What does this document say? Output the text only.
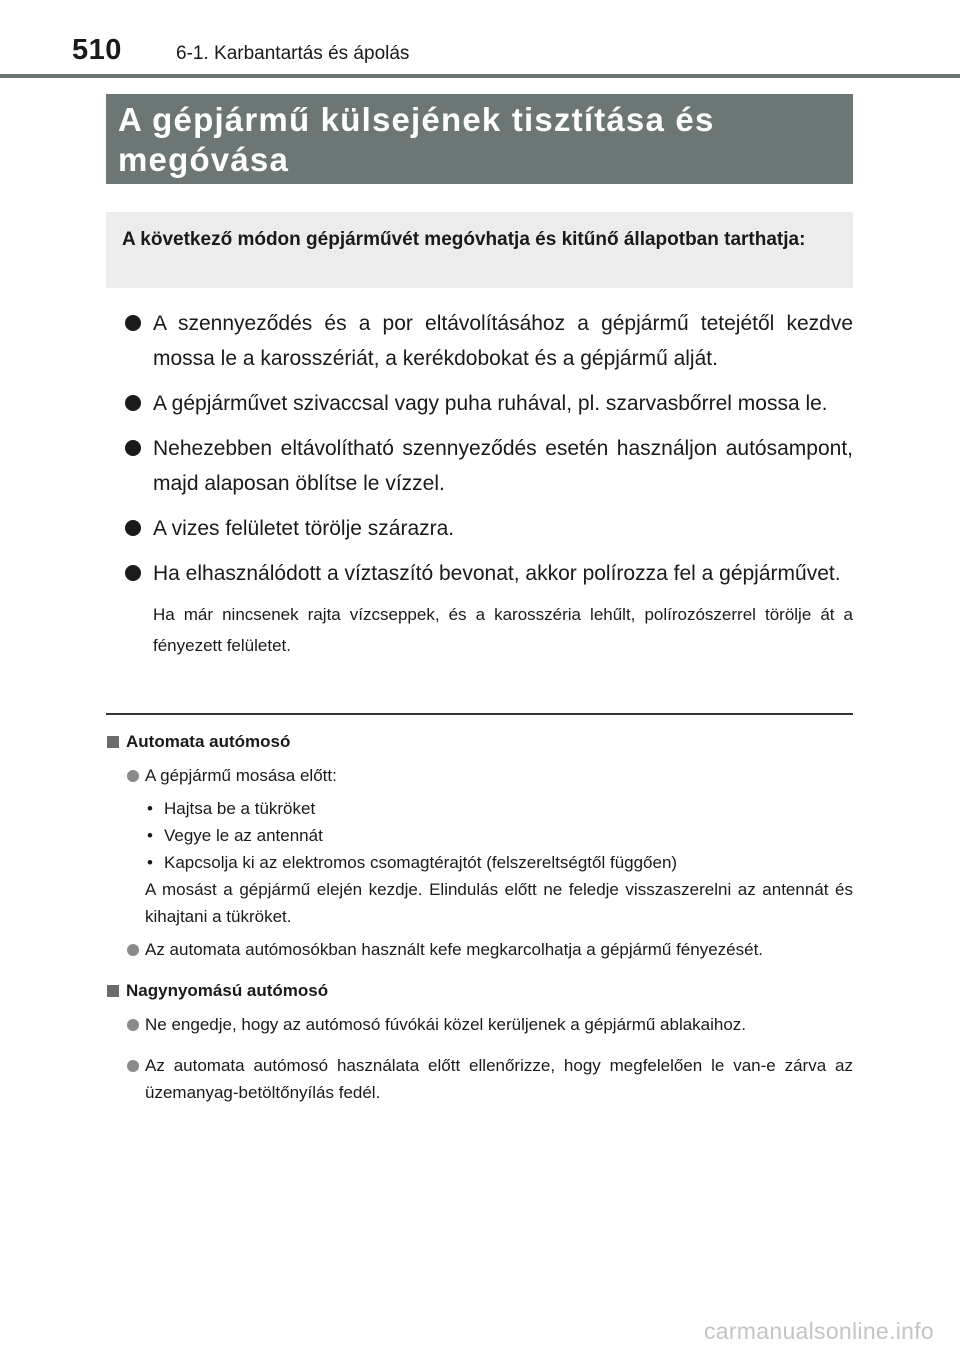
510	6-1. Karbantartás és ápolás
A gépjármű külsejének tisztítása és
megóvása
A következő módon gépjárművét megóvhatja és kitűnő állapotban tarthatja:
A szennyeződés és a por eltávolításához a gépjármű tetejétől kezdve mossa le a karosszériát, a kerékdobokat és a gépjármű alját.
A gépjárművet szivaccsal vagy puha ruhával, pl. szarvasbőrrel mossa le.
Nehezebben eltávolítható szennyeződés esetén használjon autósampont, majd alaposan öblítse le vízzel.
A vizes felületet törölje szárazra.
Ha elhasználódott a víztaszító bevonat, akkor polírozza fel a gépjárművet.
Ha már nincsenek rajta vízcseppek, és a karosszéria lehűlt, polírozószerrel törölje át a fényezett felületet.
Automata autómosó
A gépjármű mosása előtt:
• Hajtsa be a tükröket
• Vegye le az antennát
• Kapcsolja ki az elektromos csomagtérajtót (felszereltségtől függően)
A mosást a gépjármű elején kezdje. Elindulás előtt ne feledje visszaszerelni az antennát és kihajtani a tükröket.
Az automata autómosókban használt kefe megkarcolhatja a gépjármű fényezését.
Nagynyomású autómosó
Ne engedje, hogy az autómosó fúvókái közel kerüljenek a gépjármű ablakaihoz.
Az automata autómosó használata előtt ellenőrizze, hogy megfelelően le van-e zárva az üzemanyag-betöltőnyílás fedél.
carmanualsonline.info
